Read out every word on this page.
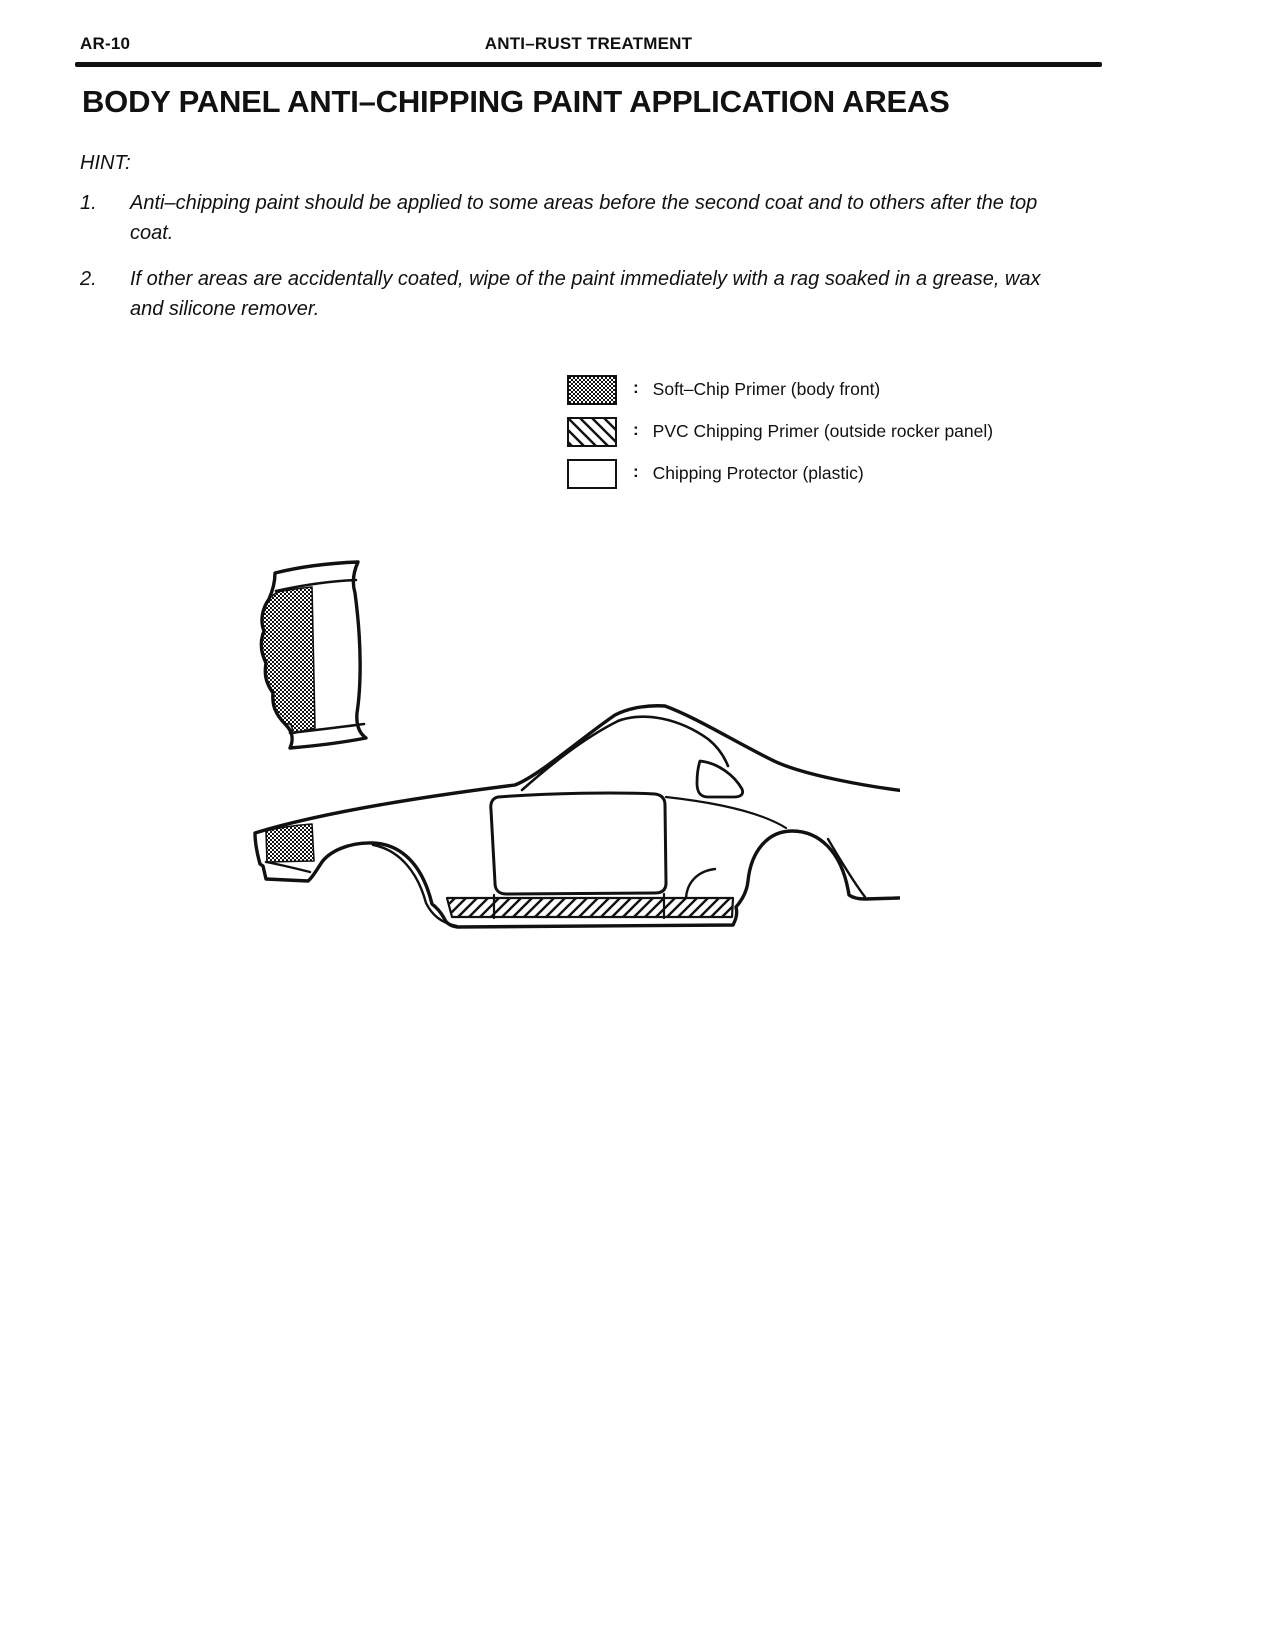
AR-10	ANTI–RUST TREATMENT
BODY PANEL ANTI–CHIPPING PAINT APPLICATION AREAS
HINT:
1.	Anti–chipping paint should be applied to some areas before the second coat and to others after the top coat.
2.	If other areas are accidentally coated, wipe of the paint immediately with a rag soaked in a grease, wax and silicone remover.
: Soft–Chip Primer (body front)
: PVC Chipping Primer (outside rocker panel)
: Chipping Protector (plastic)
